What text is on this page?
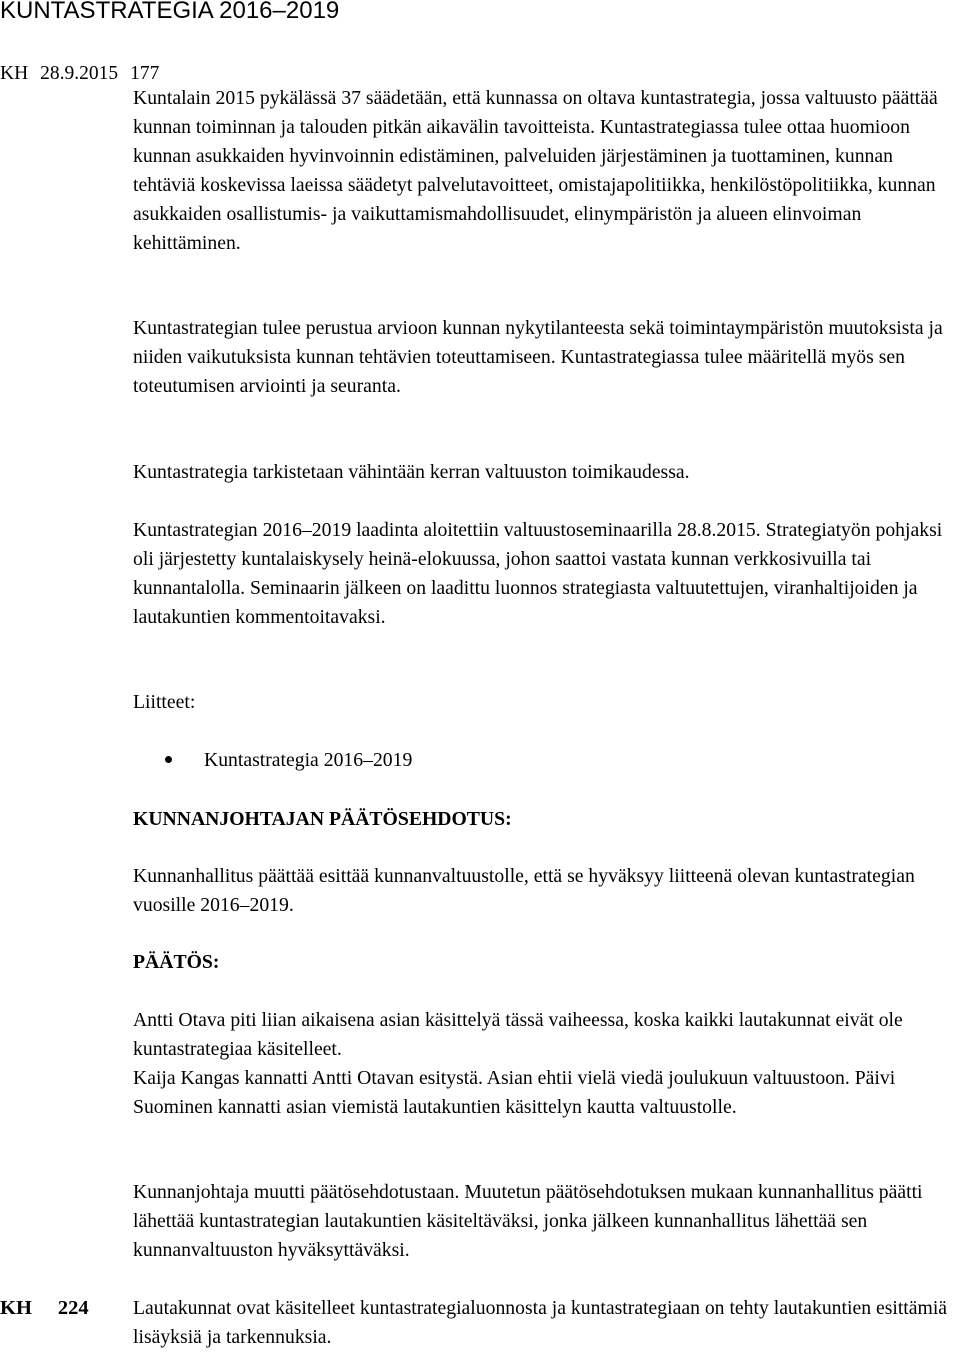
KUNTASTRATEGIA 2016–2019
KH 28.9.2015 177

Kuntalain 2015 pykälässä 37 säädetään, että kunnassa on oltava kuntastrategia, jossa valtuusto päättää kunnan toiminnan ja talouden pitkän aikavälin tavoitteista. Kuntastrategiassa tulee ottaa huomioon kunnan asukkaiden hyvinvoinnin edistäminen, palveluiden järjestäminen ja tuottaminen, kunnan tehtäviä koskevissa laeissa säädetyt palvelutavoitteet, omistajapolitiikka, henkilöstöpolitiikka, kunnan asukkaiden osallistumis- ja vaikuttamismahdollisuudet, elinympäristön ja alueen elinvoiman kehittäminen.

Kuntastrategian tulee perustua arvioon kunnan nykytilanteesta sekä toimintaympäristön muutoksista ja niiden vaikutuksista kunnan tehtävien toteuttamiseen. Kuntastrategiassa tulee määritellä myös sen toteutumisen arviointi ja seuranta.

Kuntastrategia tarkistetaan vähintään kerran valtuuston toimikaudessa.

Kuntastrategian 2016–2019 laadinta aloitettiin valtuustoseminaarilla 28.8.2015. Strategiatyön pohjaksi oli järjestetty kuntalaiskysely heinä-elokuussa, johon saattoi vastata kunnan verkkosivuilla tai kunnantalolla. Seminaarin jälkeen on laadittu luonnos strategiasta valtuutettujen, viranhaltijoiden ja lautakuntien kommentoitavaksi.

Liitteet:

Kuntastrategia 2016–2019

KUNNANJOHTAJAN PÄÄTÖSEHDOTUS:

Kunnanhallitus päättää esittää kunnanvaltuustolle, että se hyväksyy liitteenä olevan kuntastrategian vuosille 2016–2019.

PÄÄTÖS:

Antti Otava piti liian aikaisena asian käsittelyä tässä vaiheessa, koska kaikki lautakunnat eivät ole kuntastrategiaa käsitelleet.

Kaija Kangas kannatti Antti Otavan esitystä. Asian ehtii vielä viedä joulukuun valtuustoon. Päivi Suominen kannatti asian viemistä lautakuntien käsittelyn kautta valtuustolle.

Kunnanjohtaja muutti päätösehdotustaan. Muutetun päätösehdotuksen mukaan kunnanhallitus päätti lähettää kuntastrategian lautakuntien käsiteltäväksi, jonka jälkeen kunnanhallitus lähettää sen kunnanvaltuuston hyväksyttäväksi.

KH 224 Lautakunnat ovat käsitelleet kuntastrategialuonnosta ja kuntastrategiaan on tehty lautakuntien esittämiä lisäyksiä ja tarkennuksia.
